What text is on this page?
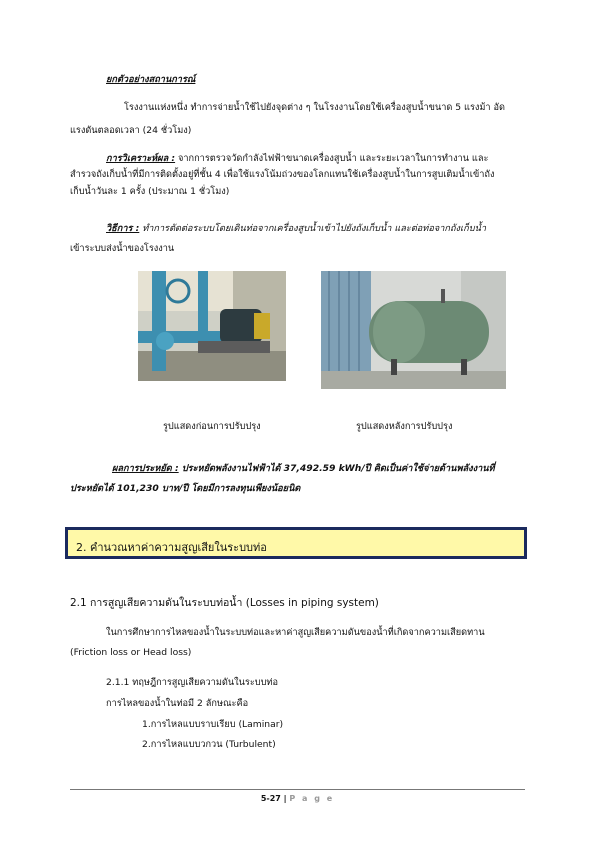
ยกตัวอย่างสถานการณ์
โรงงานแห่งหนึ่ง ทำการจ่ายน้ำใช้ไปยังจุดต่าง ๆ ในโรงงานโดยใช้เครื่องสูบน้ำขนาด 5 แรงม้า อัด
แรงดันตลอดเวลา (24 ชั่วโมง)
การวิเคราะห์ผล : จากการตรวจวัดกำลังไฟฟ้าขนาดเครื่องสูบน้ำ และระยะเวลาในการทำงาน และ
สำรวจถังเก็บน้ำที่มีการติดตั้งอยู่ที่ชั้น 4 เพื่อใช้แรงโน้มถ่วงของโลกแทนใช้เครื่องสูบน้ำในการสูบเติมน้ำเข้าถัง
เก็บน้ำวันละ 1 ครั้ง (ประมาณ 1 ชั่วโมง)
วิธีการ : ทำการตัดต่อระบบโดยเดินท่อจากเครื่องสูบน้ำเข้าไปยังถังเก็บน้ำ และต่อท่อจากถังเก็บน้ำ
เข้าระบบส่งน้ำของโรงงาน
รูปแสดงก่อนการปรับปรุง	รูปแสดงหลังการปรับปรุง
ผลการประหยัด : ประหยัดพลังงานไฟฟ้าได้ 37,492.59 kWh/ปี คิดเป็นค่าใช้จ่ายด้านพลังงานที่
ประหยัดได้ 101,230 บาท/ปี โดยมีการลงทุนเพียงน้อยนิด
2. คำนวณหาค่าความสูญเสียในระบบท่อ
2.1 การสูญเสียความดันในระบบท่อน้ำ (Losses in piping system)
ในการศึกษาการไหลของน้ำในระบบท่อและหาค่าสูญเสียความดันของน้ำที่เกิดจากความเสียดทาน
(Friction loss or Head loss)
2.1.1 ทฤษฎีการสูญเสียความดันในระบบท่อ
การไหลของน้ำในท่อมี 2 ลักษณะคือ
1.การไหลแบบราบเรียบ (Laminar)
2.การไหลแบบวกวน (Turbulent)
5-27 | P a g e
